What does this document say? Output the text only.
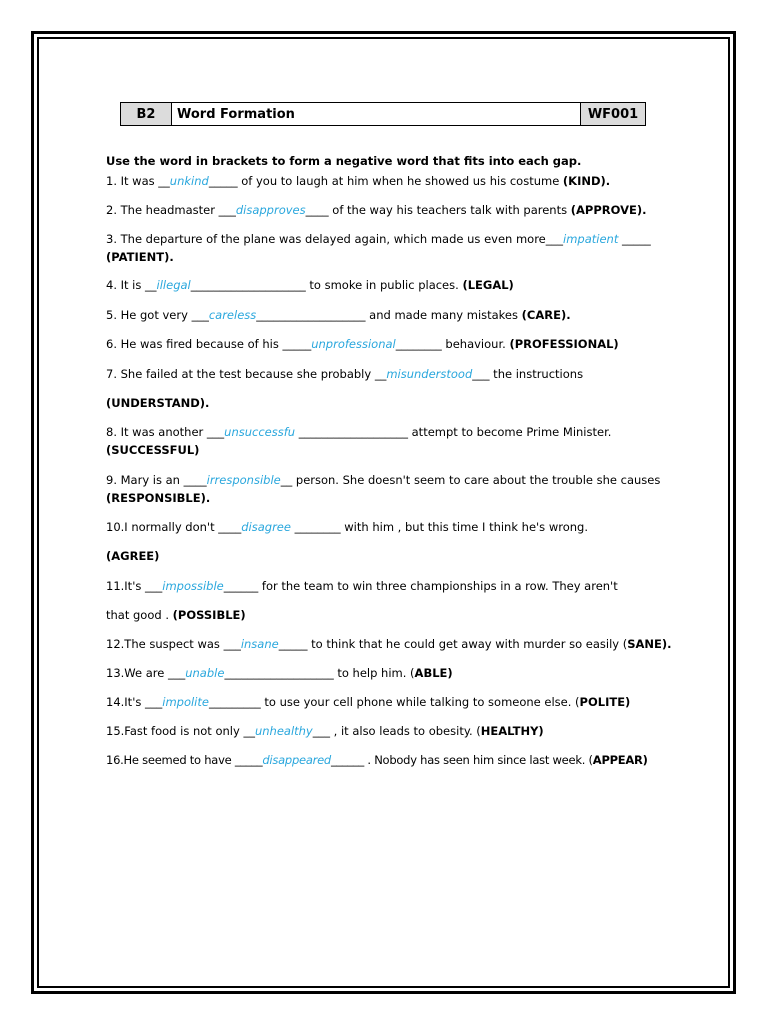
B2	Word Formation	WF001
Use the word in brackets to form a negative word that fits into each gap.
1. It was __unkind_____ of you to laugh at him when he showed us his costume (KIND).
2. The headmaster ___disapproves____ of the way his teachers talk with parents (APPROVE).
3. The departure of the plane was delayed again, which made us even more___impatient _____
(PATIENT).
4. It is __illegal____________________ to smoke in public places. (LEGAL)
5. He got very ___careless___________________ and made many mistakes (CARE).
6. He was fired because of his _____unprofessional________ behaviour. (PROFESSIONAL)
7. She failed at the test because she probably __misunderstood___ the instructions
(UNDERSTAND).
8. It was another ___unsuccessfu ___________________ attempt to become Prime Minister.
(SUCCESSFUL)
9. Mary is an ____irresponsible__ person. She doesn't seem to care about the trouble she causes
(RESPONSIBLE).
10.I normally don't ____disagree ________ with him , but this time I think he's wrong.
(AGREE)
11.It's ___impossible______ for the team to win three championships in a row. They aren't
that good . (POSSIBLE)
12.The suspect was ___insane_____ to think that he could get away with murder so easily (SANE).
13.We are ___unable___________________ to help him. (ABLE)
14.It's ___impolite_________ to use your cell phone while talking to someone else. (POLITE)
15.Fast food is not only __unhealthy___ , it also leads to obesity. (HEALTHY)
16.He seemed to have _____disappeared______ . Nobody has seen him since last week. (APPEAR)
